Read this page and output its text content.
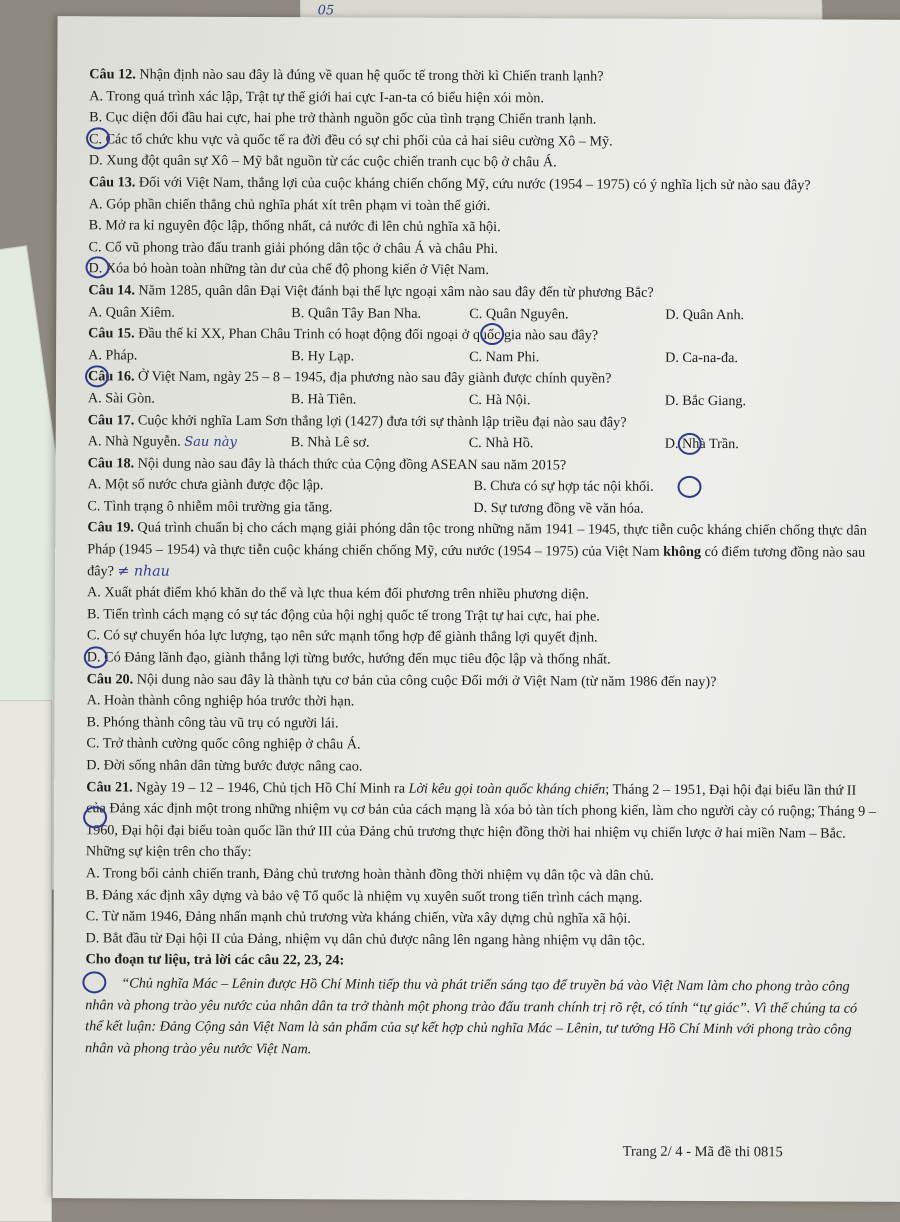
05
Câu 12. Nhận định nào sau đây là đúng về quan hệ quốc tế trong thời kì Chiến tranh lạnh?
A. Trong quá trình xác lập, Trật tự thế giới hai cực I-an-ta có biểu hiện xói mòn.
B. Cục diện đối đầu hai cực, hai phe trở thành nguồn gốc của tình trạng Chiến tranh lạnh.
C. Các tổ chức khu vực và quốc tế ra đời đều có sự chi phối của cả hai siêu cường Xô – Mỹ.
D. Xung đột quân sự Xô – Mỹ bắt nguồn từ các cuộc chiến tranh cục bộ ở châu Á.
Câu 13. Đối với Việt Nam, thắng lợi của cuộc kháng chiến chống Mỹ, cứu nước (1954 – 1975) có ý nghĩa lịch sử nào sau đây?
A. Góp phần chiến thắng chủ nghĩa phát xít trên phạm vi toàn thế giới.
B. Mở ra kỉ nguyên độc lập, thống nhất, cả nước đi lên chủ nghĩa xã hội.
C. Cổ vũ phong trào đấu tranh giải phóng dân tộc ở châu Á và châu Phi.
D. Xóa bỏ hoàn toàn những tàn dư của chế độ phong kiến ở Việt Nam.
Câu 14. Năm 1285, quân dân Đại Việt đánh bại thế lực ngoại xâm nào sau đây đến từ phương Bắc?
A. Quân Xiêm.	B. Quân Tây Ban Nha.	C. Quân Nguyên.	D. Quân Anh.
Câu 15. Đầu thế kỉ XX, Phan Châu Trinh có hoạt động đối ngoại ở quốc gia nào sau đây?
A. Pháp.	B. Hy Lạp.	C. Nam Phi.	D. Ca-na-đa.
Câu 16. Ở Việt Nam, ngày 25 – 8 – 1945, địa phương nào sau đây giành được chính quyền?
A. Sài Gòn.	B. Hà Tiên.	C. Hà Nội.	D. Bắc Giang.
Câu 17. Cuộc khởi nghĩa Lam Sơn thắng lợi (1427) đưa tới sự thành lập triều đại nào sau đây?
A. Nhà Nguyễn. Sau này	B. Nhà Lê sơ.	C. Nhà Hồ.	D. Nhà Trần.
Câu 18. Nội dung nào sau đây là thách thức của Cộng đồng ASEAN sau năm 2015?
A. Một số nước chưa giành được độc lập.	B. Chưa có sự hợp tác nội khối.
C. Tình trạng ô nhiễm môi trường gia tăng.	D. Sự tương đồng về văn hóa.
Câu 19. Quá trình chuẩn bị cho cách mạng giải phóng dân tộc trong những năm 1941 – 1945, thực tiễn cuộc kháng chiến chống thực dân Pháp (1945 – 1954) và thực tiễn cuộc kháng chiến chống Mỹ, cứu nước (1954 – 1975) của Việt Nam không có điểm tương đồng nào sau đây? ≠ nhau
A. Xuất phát điểm khó khăn do thế và lực thua kém đối phương trên nhiều phương diện.
B. Tiến trình cách mạng có sự tác động của hội nghị quốc tế trong Trật tự hai cực, hai phe.
C. Có sự chuyển hóa lực lượng, tạo nên sức mạnh tổng hợp để giành thắng lợi quyết định.
D. Có Đảng lãnh đạo, giành thắng lợi từng bước, hướng đến mục tiêu độc lập và thống nhất.
Câu 20. Nội dung nào sau đây là thành tựu cơ bản của công cuộc Đổi mới ở Việt Nam (từ năm 1986 đến nay)?
A. Hoàn thành công nghiệp hóa trước thời hạn.
B. Phóng thành công tàu vũ trụ có người lái.
C. Trở thành cường quốc công nghiệp ở châu Á.
D. Đời sống nhân dân từng bước được nâng cao.
Câu 21. Ngày 19 – 12 – 1946, Chủ tịch Hồ Chí Minh ra Lời kêu gọi toàn quốc kháng chiến; Tháng 2 – 1951, Đại hội đại biểu lần thứ II của Đảng xác định một trong những nhiệm vụ cơ bản của cách mạng là xóa bỏ tàn tích phong kiến, làm cho người cày có ruộng; Tháng 9 – 1960, Đại hội đại biểu toàn quốc lần thứ III của Đảng chủ trương thực hiện đồng thời hai nhiệm vụ chiến lược ở hai miền Nam – Bắc. Những sự kiện trên cho thấy:
A. Trong bối cảnh chiến tranh, Đảng chủ trương hoàn thành đồng thời nhiệm vụ dân tộc và dân chủ.
B. Đảng xác định xây dựng và bảo vệ Tổ quốc là nhiệm vụ xuyên suốt trong tiến trình cách mạng.
C. Từ năm 1946, Đảng nhấn mạnh chủ trương vừa kháng chiến, vừa xây dựng chủ nghĩa xã hội.
D. Bắt đầu từ Đại hội II của Đảng, nhiệm vụ dân chủ được nâng lên ngang hàng nhiệm vụ dân tộc.
Cho đoạn tư liệu, trả lời các câu 22, 23, 24:
“Chủ nghĩa Mác – Lênin được Hồ Chí Minh tiếp thu và phát triển sáng tạo để truyền bá vào Việt Nam làm cho phong trào công nhân và phong trào yêu nước của nhân dân ta trở thành một phong trào đấu tranh chính trị rõ rệt, có tính “tự giác”. Vì thế chúng ta có thể kết luận: Đảng Cộng sản Việt Nam là sản phẩm của sự kết hợp chủ nghĩa Mác – Lênin, tư tưởng Hồ Chí Minh với phong trào công nhân và phong trào yêu nước Việt Nam.
Trang 2/ 4 - Mã đề thi 0815
